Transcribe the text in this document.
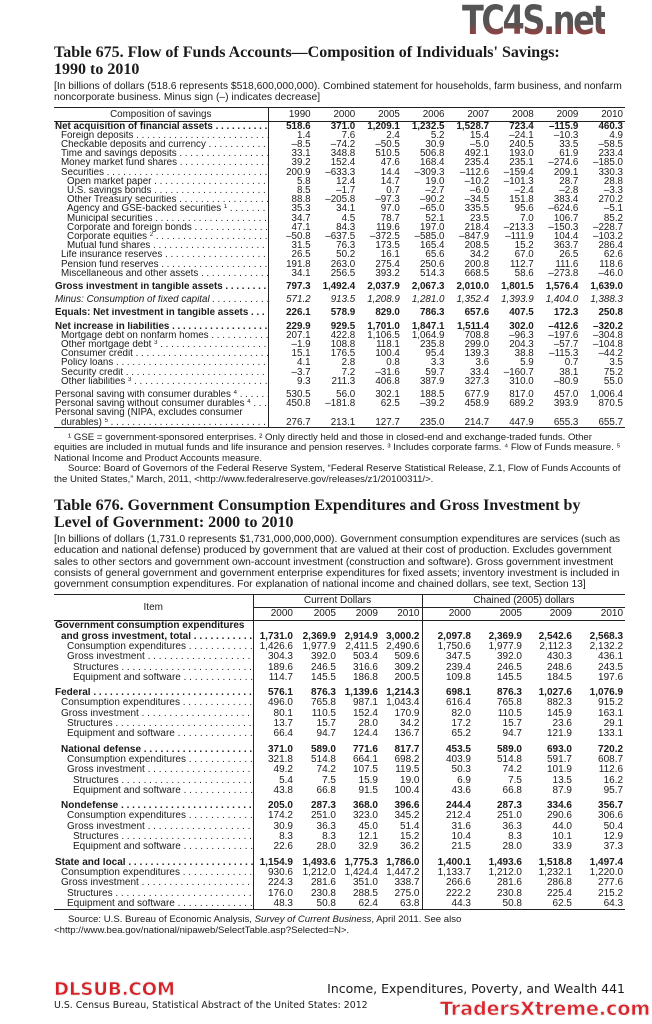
Table 675. Flow of Funds Accounts—Composition of Individuals' Savings:
1990 to 2010
[In billions of dollars (518.6 represents $518,600,000,000). Combined statement for households, farm business, and nonfarm noncorporate business. Minus sign (–) indicates decrease]
Composition of savings	1990	2000	2005	2006	2007	2008	2009	2010
Net acquisition of financial assets . . .	518.6	371.0	1,209.1	1,232.5	1,528.7	723.4	–115.9	460.3
Foreign deposits . . .	1.4	7.6	2.4	5.2	15.4	–24.1	–10.3	4.9
Checkable deposits and currency . . .	–8.5	–74.2	–50.5	30.9	–5.0	240.5	33.5	–58.5
Time and savings deposits . . .	33.1	348.8	510.5	506.8	492.1	193.0	61.9	233.4
Money market fund shares . . .	39.2	152.4	47.6	168.4	235.4	235.1	–274.6	–185.0
Securities . . .	200.9	–633.3	14.4	–309.3	–112.6	–159.4	209.1	330.3
Open market paper . . .	5.8	12.4	14.7	19.0	–10.2	–101.3	28.7	28.8
U.S. savings bonds . . .	8.5	–1.7	0.7	–2.7	–6.0	–2.4	–2.8	–3.3
Other Treasury securities . . .	88.8	–205.8	–97.3	–90.2	–34.5	151.8	383.4	270.2
Agency and GSE-backed securities $^1$ . . .	35.3	34.1	97.0	–65.0	335.5	95.6	–624.6	–5.1
Municipal securities . . .	34.7	4.5	78.7	52.1	23.5	7.0	106.7	85.2
Corporate and foreign bonds . . .	47.1	84.3	119.6	197.0	218.4	–213.3	–150.3	–228.7
Corporate equities $^2$ . . .	–50.8	–637.5	–372.5	–585.0	–847.9	–111.9	104.4	–103.2
Mutual fund shares . . .	31.5	76.3	173.5	165.4	208.5	15.2	363.7	286.4
Life insurance reserves . . .	26.5	50.2	16.1	65.6	34.2	67.0	26.5	62.6
Pension fund reserves . . .	191.8	263.0	275.4	250.6	200.8	112.7	111.6	118.6
Miscellaneous and other assets . . .	34.1	256.5	393.2	514.3	668.5	58.6	–273.8	–46.0

Gross investment in tangible assets . . .	797.3	1,492.4	2,037.9	2,067.3	2,010.0	1,801.5	1,576.4	1,639.0

Minus: Consumption of fixed capital . . .	571.2	913.5	1,208.9	1,281.0	1,352.4	1,393.9	1,404.0	1,388.3

Equals: Net investment in tangible assets . . .	226.1	578.9	829.0	786.3	657.6	407.5	172.3	250.8

Net increase in liabilities . . .	229.9	929.5	1,701.0	1,847.1	1,511.4	302.0	–412.6	–320.2
Mortgage debt on nonfarm homes . . .	207.1	422.8	1,106.5	1,064.9	708.8	–96.3	–197.6	–304.8
Other mortgage debt $^3$ . . .	–1.9	108.8	118.1	235.8	299.0	204.3	–57.7	–104.8
Consumer credit . . .	15.1	176.5	100.4	95.4	139.3	38.8	–115.3	–44.2
Policy loans . . .	4.1	2.8	0.8	3.3	3.6	5.9	0.7	3.5
Security credit . . .	–3.7	7.2	–31.6	59.7	33.4	–160.7	38.1	75.2
Other liabilities $^3$ . . .	9.3	211.3	406.8	387.9	327.3	310.0	–80.9	55.0

Personal saving with consumer durables $^4$ . . .	530.5	56.0	302.1	188.5	677.9	817.0	457.0	1,006.4
Personal saving without consumer durables $^4$ . . .	450.8	–181.8	62.5	–39.2	458.9	689.2	393.9	870.5
Personal saving (NIPA, excludes consumer								
durables) $^5$ . . .	276.7	213.1	127.7	235.0	214.7	447.9	655.3	655.7
¹ GSE = government-sponsored enterprises. ² Only directly held and those in closed-end and exchange-traded funds. Other equities are included in mutual funds and life insurance and pension reserves. ³ Includes corporate farms. ⁴ Flow of Funds measure. ⁵ National Income and Product Accounts measure.
Source: Board of Governors of the Federal Reserve System, “Federal Reserve Statistical Release, Z.1, Flow of Funds Accounts of the United States,” March, 2011, <http://www.federalreserve.gov/releases/z1/20100311/>.
Table 676. Government Consumption Expenditures and Gross Investment by
Level of Government: 2000 to 2010
[In billions of dollars (1,731.0 represents $1,731,000,000,000). Government consumption expenditures are services (such as education and national defense) produced by government that are valued at their cost of production. Excludes government sales to other sectors and government own-account investment (construction and software). Gross government investment consists of general government and government enterprise expenditures for fixed assets; inventory investment is included in government consumption expenditures. For explanation of national income and chained dollars, see text, Section 13]
Item	Current Dollars				Chained (2005) dollars			
	2000	2005	2009	2010	2000	2005	2009	2010
Government consumption expenditures								
and gross investment, total . . .	1,731.0	2,369.9	2,914.9	3,000.2	2,097.8	2,369.9	2,542.6	2,568.3
Consumption expenditures . . .	1,426.6	1,977.9	2,411.5	2,490.6	1,750.6	1,977.9	2,112.3	2,132.2
Gross investment . . .	304.3	392.0	503.4	509.6	347.5	392.0	430.3	436.1
Structures . . .	189.6	246.5	316.6	309.2	239.4	246.5	248.6	243.5
Equipment and software . . .	114.7	145.5	186.8	200.5	109.8	145.5	184.5	197.6

Federal . . .	576.1	876.3	1,139.6	1,214.3	698.1	876.3	1,027.6	1,076.9
Consumption expenditures . . .	496.0	765.8	987.1	1,043.4	616.4	765.8	882.3	915.2
Gross investment . . .	80.1	110.5	152.4	170.9	82.0	110.5	145.9	163.1
Structures . . .	13.7	15.7	28.0	34.2	17.2	15.7	23.6	29.1
Equipment and software . . .	66.4	94.7	124.4	136.7	65.2	94.7	121.9	133.1

National defense . . .	371.0	589.0	771.6	817.7	453.5	589.0	693.0	720.2
Consumption expenditures . . .	321.8	514.8	664.1	698.2	403.9	514.8	591.7	608.7
Gross investment . . .	49.2	74.2	107.5	119.5	50.3	74.2	101.9	112.6
Structures . . .	5.4	7.5	15.9	19.0	6.9	7.5	13.5	16.2
Equipment and software . . .	43.8	66.8	91.5	100.4	43.6	66.8	87.9	95.7

Nondefense . . .	205.0	287.3	368.0	396.6	244.4	287.3	334.6	356.7
Consumption expenditures . . .	174.2	251.0	323.0	345.2	212.4	251.0	290.6	306.6
Gross investment . . .	30.9	36.3	45.0	51.4	31.6	36.3	44.0	50.4
Structures . . .	8.3	8.3	12.1	15.2	10.4	8.3	10.1	12.9
Equipment and software . . .	22.6	28.0	32.9	36.2	21.5	28.0	33.9	37.3

State and local . . .	1,154.9	1,493.6	1,775.3	1,786.0	1,400.1	1,493.6	1,518.8	1,497.4
Consumption expenditures . . .	930.6	1,212.0	1,424.4	1,447.2	1,133.7	1,212.0	1,232.1	1,220.0
Gross investment . . .	224.3	281.6	351.0	338.7	266.6	281.6	286.8	277.6
Structures . . .	176.0	230.8	288.5	275.0	222.2	230.8	225.4	215.2
Equipment and software . . .	48.3	50.8	62.4	63.8	44.3	50.8	62.5	64.3
Source: U.S. Bureau of Economic Analysis, Survey of Current Business, April 2011. See also <http://www.bea.gov/national/nipaweb/SelectTable.asp?Selected=N>.
Income, Expenditures, Poverty, and Wealth 441
U.S. Census Bureau, Statistical Abstract of the United States: 2012
TC4S.net
DLSUB.COM
TradersXtreme.com
